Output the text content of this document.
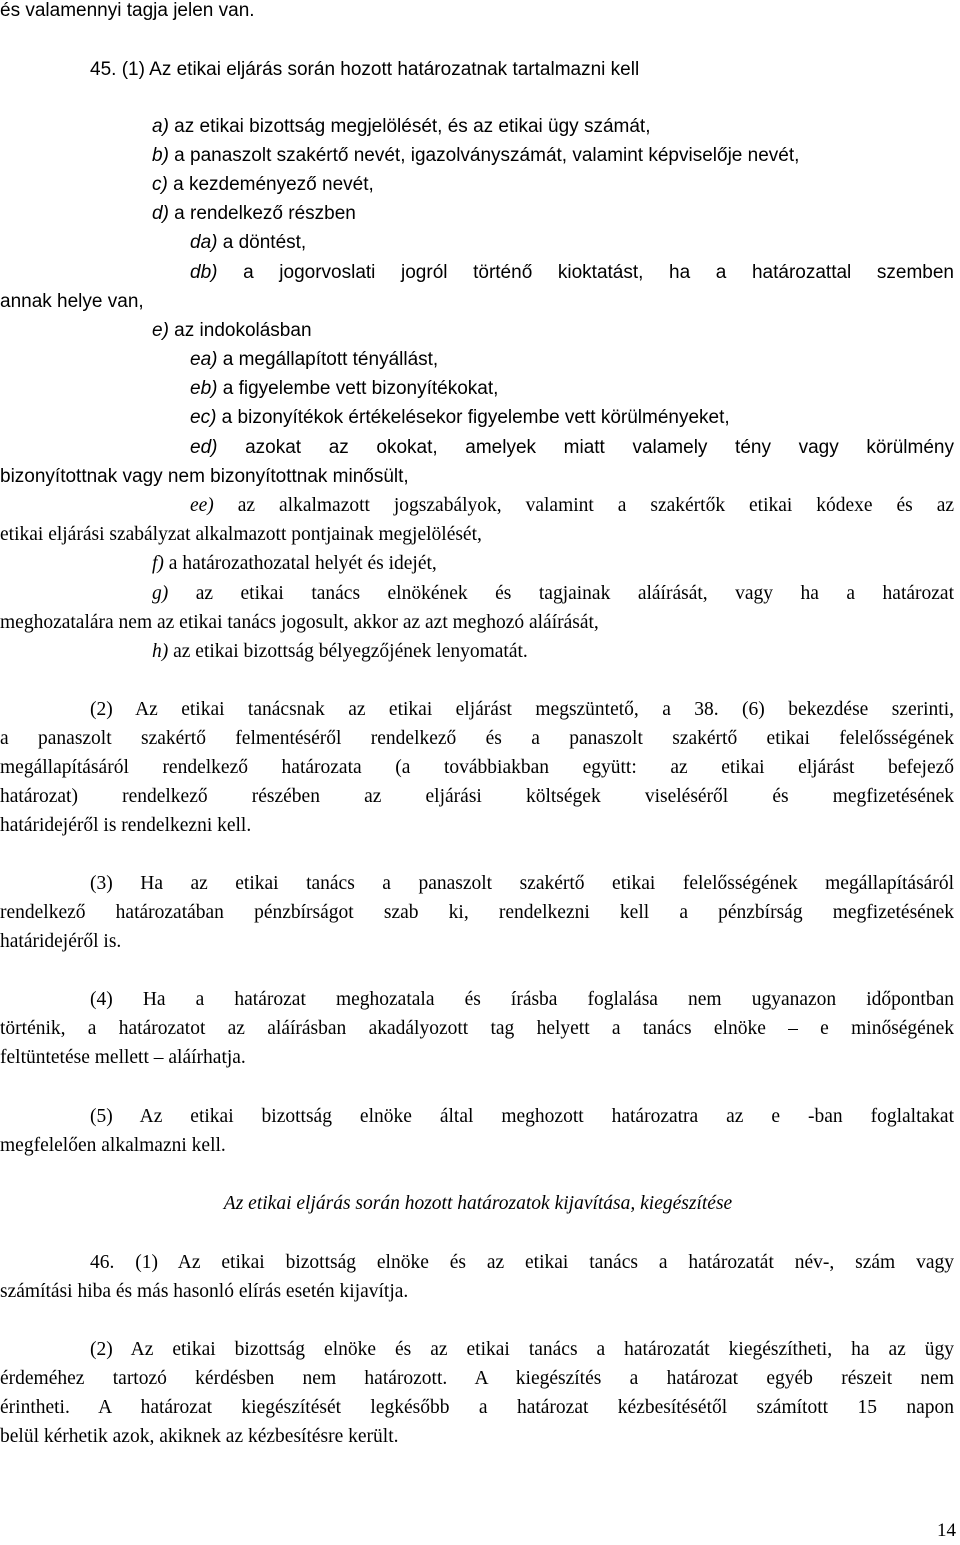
és valamennyi tagja jelen van.
45. (1) Az etikai eljárás során hozott határozatnak tartalmazni kell
a) az etikai bizottság megjelölését, és az etikai ügy számát,
b) a panaszolt szakértő nevét, igazolványszámát, valamint képviselője nevét,
c) a kezdeményező nevét,
d) a rendelkező részben
da) a döntést,
db) a jogorvoslati jogról történő kioktatást, ha a határozattal szemben
annak helye van,
e) az indokolásban
ea) a megállapított tényállást,
eb) a figyelembe vett bizonyítékokat,
ec) a bizonyítékok értékelésekor figyelembe vett körülményeket,
ed) azokat az okokat, amelyek miatt valamely tény vagy körülmény
bizonyítottnak vagy nem bizonyítottnak minősült,
ee) az alkalmazott jogszabályok, valamint a szakértők etikai kódexe és az
etikai eljárási szabályzat alkalmazott pontjainak megjelölését,
f) a határozathozatal helyét és idejét,
g) az etikai tanács elnökének és tagjainak aláírását, vagy ha a határozat
meghozatalára nem az etikai tanács jogosult, akkor az azt meghozó aláírását,
h) az etikai bizottság bélyegzőjének lenyomatát.
(2) Az etikai tanácsnak az etikai eljárást megszüntető, a 38. (6) bekezdése szerinti,
a panaszolt szakértő felmentéséről rendelkező és a panaszolt szakértő etikai felelősségének
megállapításáról rendelkező határozata (a továbbiakban együtt: az etikai eljárást befejező
határozat) rendelkező részében az eljárási költségek viseléséről és megfizetésének
határidejéről is rendelkezni kell.
(3) Ha az etikai tanács a panaszolt szakértő etikai felelősségének megállapításáról
rendelkező határozatában pénzbírságot szab ki, rendelkezni kell a pénzbírság megfizetésének
határidejéről is.
(4) Ha a határozat meghozatala és írásba foglalása nem ugyanazon időpontban
történik, a határozatot az aláírásban akadályozott tag helyett a tanács elnöke – e minőségének
feltüntetése mellett – aláírhatja.
(5) Az etikai bizottság elnöke által meghozott határozatra az e -ban foglaltakat
megfelelően alkalmazni kell.
Az etikai eljárás során hozott határozatok kijavítása, kiegészítése
46. (1) Az etikai bizottság elnöke és az etikai tanács a határozatát név-, szám vagy
számítási hiba és más hasonló elírás esetén kijavítja.
(2) Az etikai bizottság elnöke és az etikai tanács a határozatát kiegészítheti, ha az ügy
érdeméhez tartozó kérdésben nem határozott. A kiegészítés a határozat egyéb részeit nem
érintheti. A határozat kiegészítését legkésőbb a határozat kézbesítésétől számított 15 napon
belül kérhetik azok, akiknek az kézbesítésre került.
14
